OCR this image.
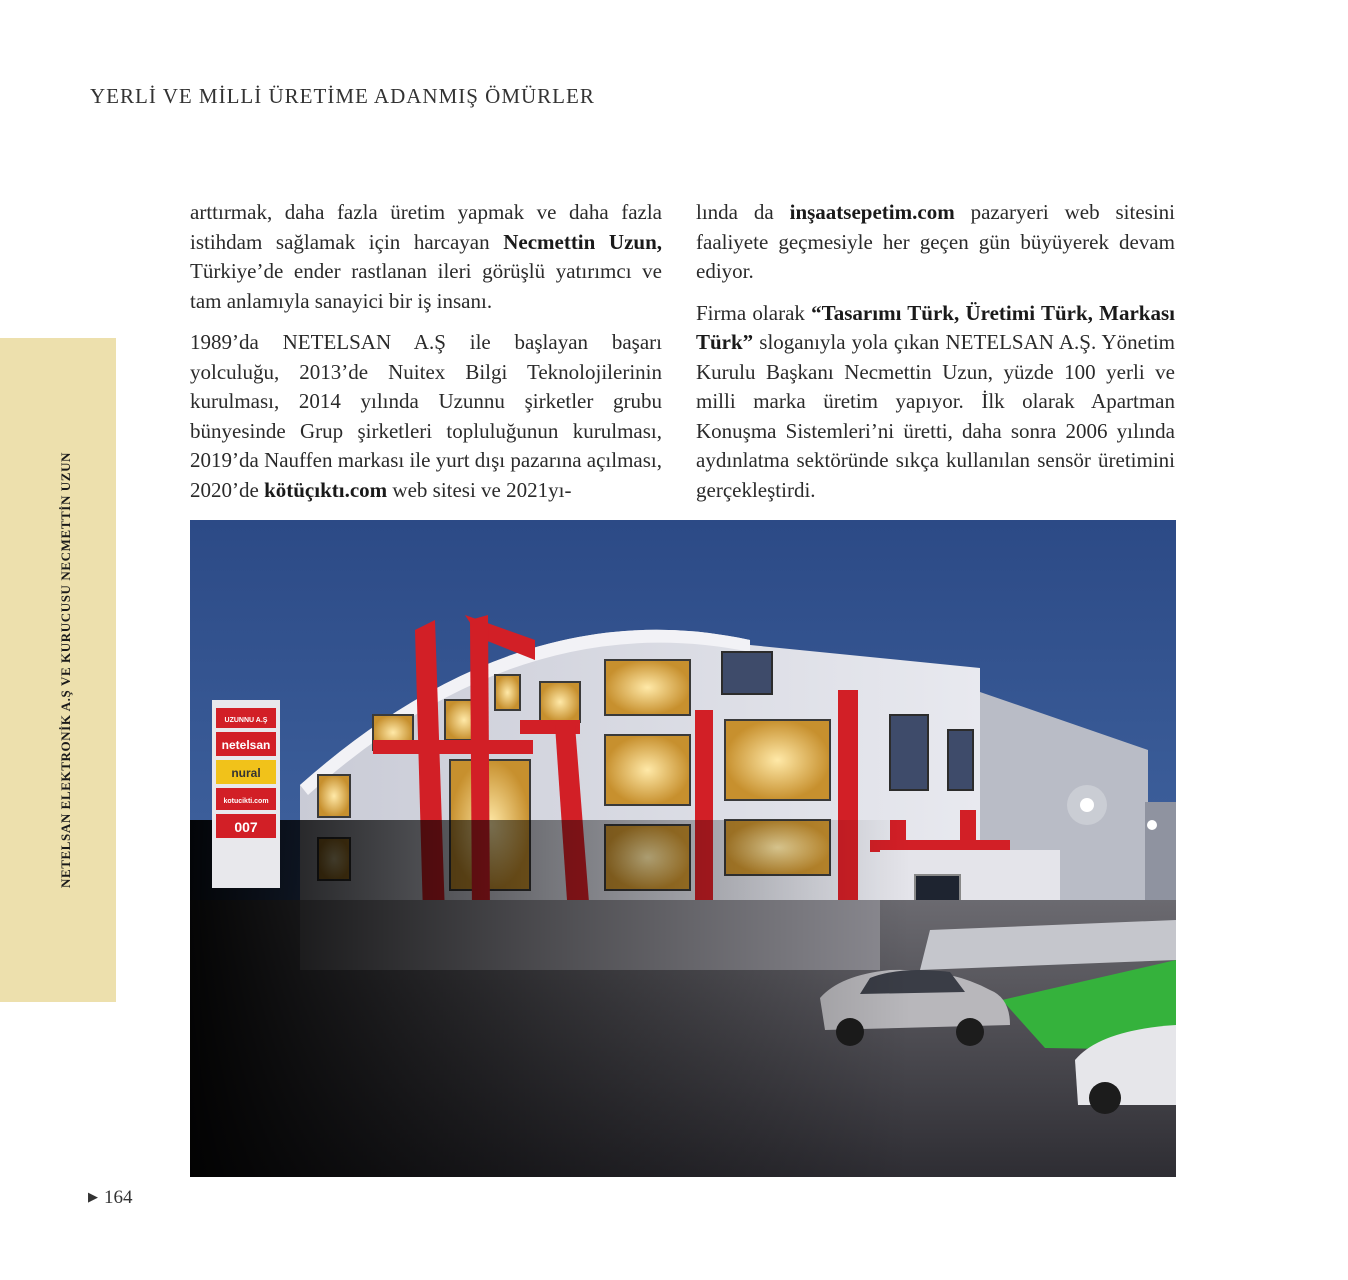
YERLİ VE MİLLİ ÜRETİME ADANMIŞ ÖMÜRLER
NETELSAN ELEKTRONİK A.Ş VE KURUCUSU NECMETTİN UZUN

arttırmak, daha fazla üretim yapmak ve daha fazla istihdam sağlamak için harcayan Necmettin Uzun, Türkiye’de ender rastlanan ileri görüşlü yatırımcı ve tam anlamıyla sanayici bir iş insanı.

1989’da NETELSAN A.Ş ile başlayan başarı yolculuğu, 2013’de Nuitex Bilgi Teknolojilerinin kurulması, 2014 yılında Uzunnu şirketler grubu bünyesinde Grup şirketleri topluluğunun kurulması, 2019’da Nauffen markası ile yurt dışı pazarına açılması, 2020’de kötüçıktı.com web sitesi ve 2021yı-

lında da inşaatsepetim.com pazaryeri web sitesini faaliyete geçmesiyle her geçen gün büyüyerek devam ediyor.

Firma olarak “Tasarımı Türk, Üretimi Türk, Markası Türk” sloganıyla yola çıkan NETELSAN A.Ş. Yönetim Kurulu Başkanı Necmettin Uzun, yüzde 100 yerli ve milli marka üretim yapıyor. İlk olarak Apartman Konuşma Sistemleri’ni üretti, daha sonra 2006 yılında aydınlatma sektöründe sıkça kullanılan sensör üretimini gerçekleştirdi.

UZUNNU A.Ş
netelsan
nural
kotucikti.com
007
▶ 164
